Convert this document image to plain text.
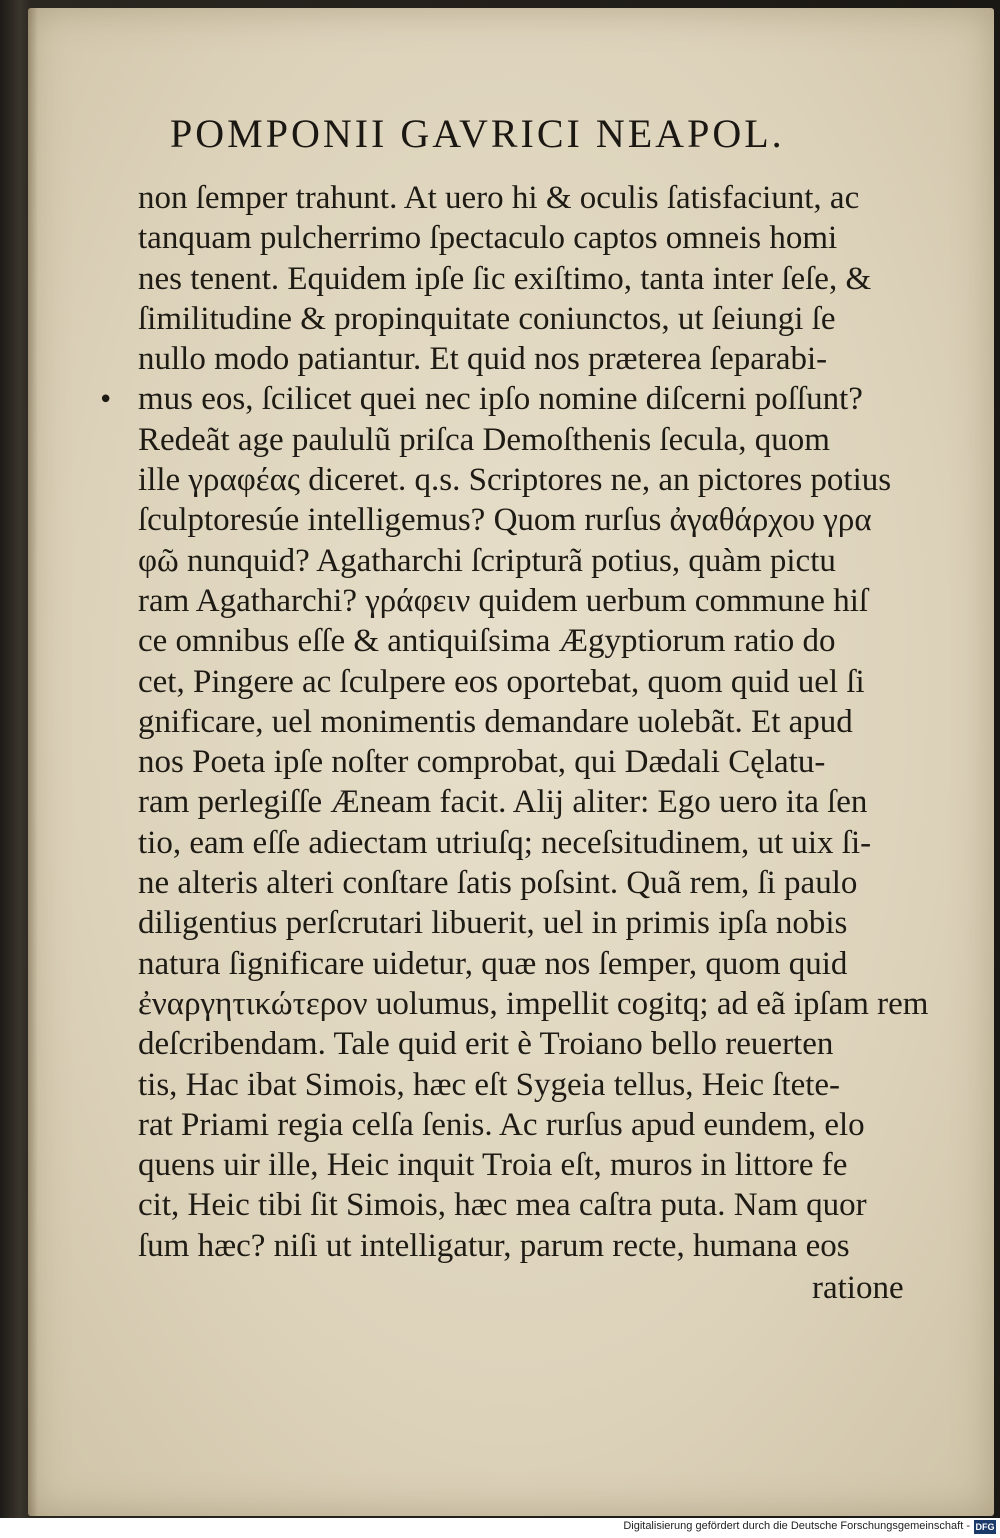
POMPONII GAVRICI NEAPOL.
•
non ſemper trahunt. At uero hi & oculis ſatisfaciunt, ac
tanquam pulcherrimo ſpectaculo captos omneis homi
nes tenent. Equidem ipſe ſic exiſtimo, tanta inter ſeſe, &
ſimilitudine & propinquitate coniunctos, ut ſeiungi ſe
nullo modo patiantur. Et quid nos præterea ſeparabi-
mus eos, ſcilicet quei nec ipſo nomine diſcerni poſſunt?
Redeãt age paululũ priſca Demoſthenis ſecula, quom
ille γραφέας diceret. q.s. Scriptores ne, an pictores potius
ſculptoresúe intelligemus? Quom rurſus ἀγαθάρχου γρα
φῶ nunquid? Agatharchi ſcripturã potius, quàm pictu
ram Agatharchi? γράφειν quidem uerbum commune hiſ
ce omnibus eſſe & antiquiſsima Ægyptiorum ratio do
cet, Pingere ac ſculpere eos oportebat, quom quid uel ſi
gnificare, uel monimentis demandare uolebãt. Et apud
nos Poeta ipſe noſter comprobat, qui Dædali Cęlatu-
ram perlegiſſe Æneam facit. Alij aliter: Ego uero ita ſen
tio, eam eſſe adiectam utriuſq; neceſsitudinem, ut uix ſi-
ne alteris alteri conſtare ſatis poſsint. Quã rem, ſi paulo
diligentius perſcrutari libuerit, uel in primis ipſa nobis
natura ſignificare uidetur, quæ nos ſemper, quom quid
ἐναργητικώτερον uolumus, impellit cogitq; ad eã ipſam rem
deſcribendam. Tale quid erit è Troiano bello reuerten
tis, Hac ibat Simois, hæc eſt Sygeia tellus, Heic ſtete-
rat Priami regia celſa ſenis. Ac rurſus apud eundem, elo
quens uir ille, Heic inquit Troia eſt, muros in littore fe
cit, Heic tibi ſit Simois, hæc mea caſtra puta. Nam quor
ſum hæc? niſi ut intelligatur, parum recte, humana eos
ratione
Digitalisierung gefördert durch die Deutsche Forschungsgemeinschaft - DFG
